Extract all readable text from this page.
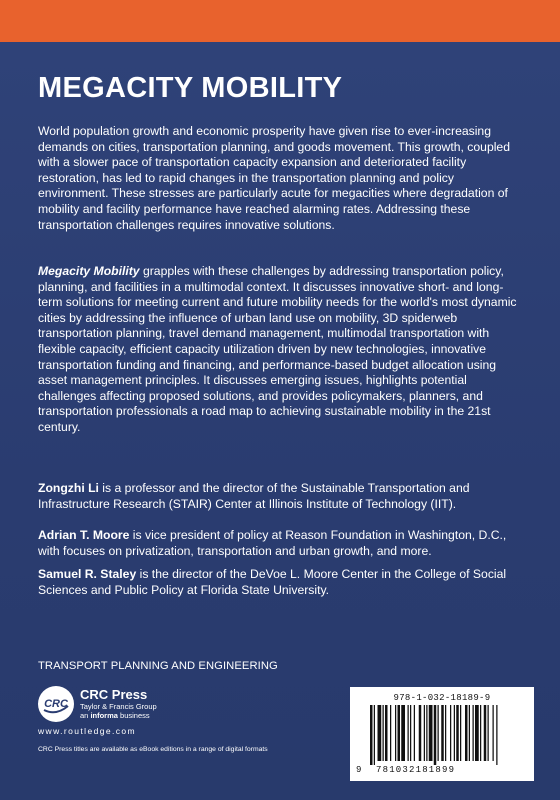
MEGACITY MOBILITY

World population growth and economic prosperity have given rise to ever-increasing demands on cities, transportation planning, and goods movement. This growth, coupled with a slower pace of transportation capacity expansion and deteriorated facility restoration, has led to rapid changes in the transportation planning and policy environment. These stresses are particularly acute for megacities where degradation of mobility and facility performance have reached alarming rates. Addressing these transportation challenges requires innovative solutions.

Megacity Mobility grapples with these challenges by addressing transportation policy, planning, and facilities in a multimodal context. It discusses innovative short- and long-term solutions for meeting current and future mobility needs for the world's most dynamic cities by addressing the influence of urban land use on mobility, 3D spiderweb transportation planning, travel demand management, multimodal transportation with flexible capacity, efficient capacity utilization driven by new technologies, innovative transportation funding and financing, and performance-based budget allocation using asset management principles. It discusses emerging issues, highlights potential challenges affecting proposed solutions, and provides policymakers, planners, and transportation professionals a road map to achieving sustainable mobility in the 21st century.

Zongzhi Li is a professor and the director of the Sustainable Transportation and Infrastructure Research (STAIR) Center at Illinois Institute of Technology (IIT).

Adrian T. Moore is vice president of policy at Reason Foundation in Washington, D.C., with focuses on privatization, transportation and urban growth, and more.

Samuel R. Staley is the director of the DeVoe L. Moore Center in the College of Social Sciences and Public Policy at Florida State University.

TRANSPORT PLANNING AND ENGINEERING
CRC
CRC Press
Taylor & Francis Group
an informa business
www.routledge.com
CRC Press titles are available as eBook editions in a range of digital formats
978-1-032-18189-9
9 781032181899
